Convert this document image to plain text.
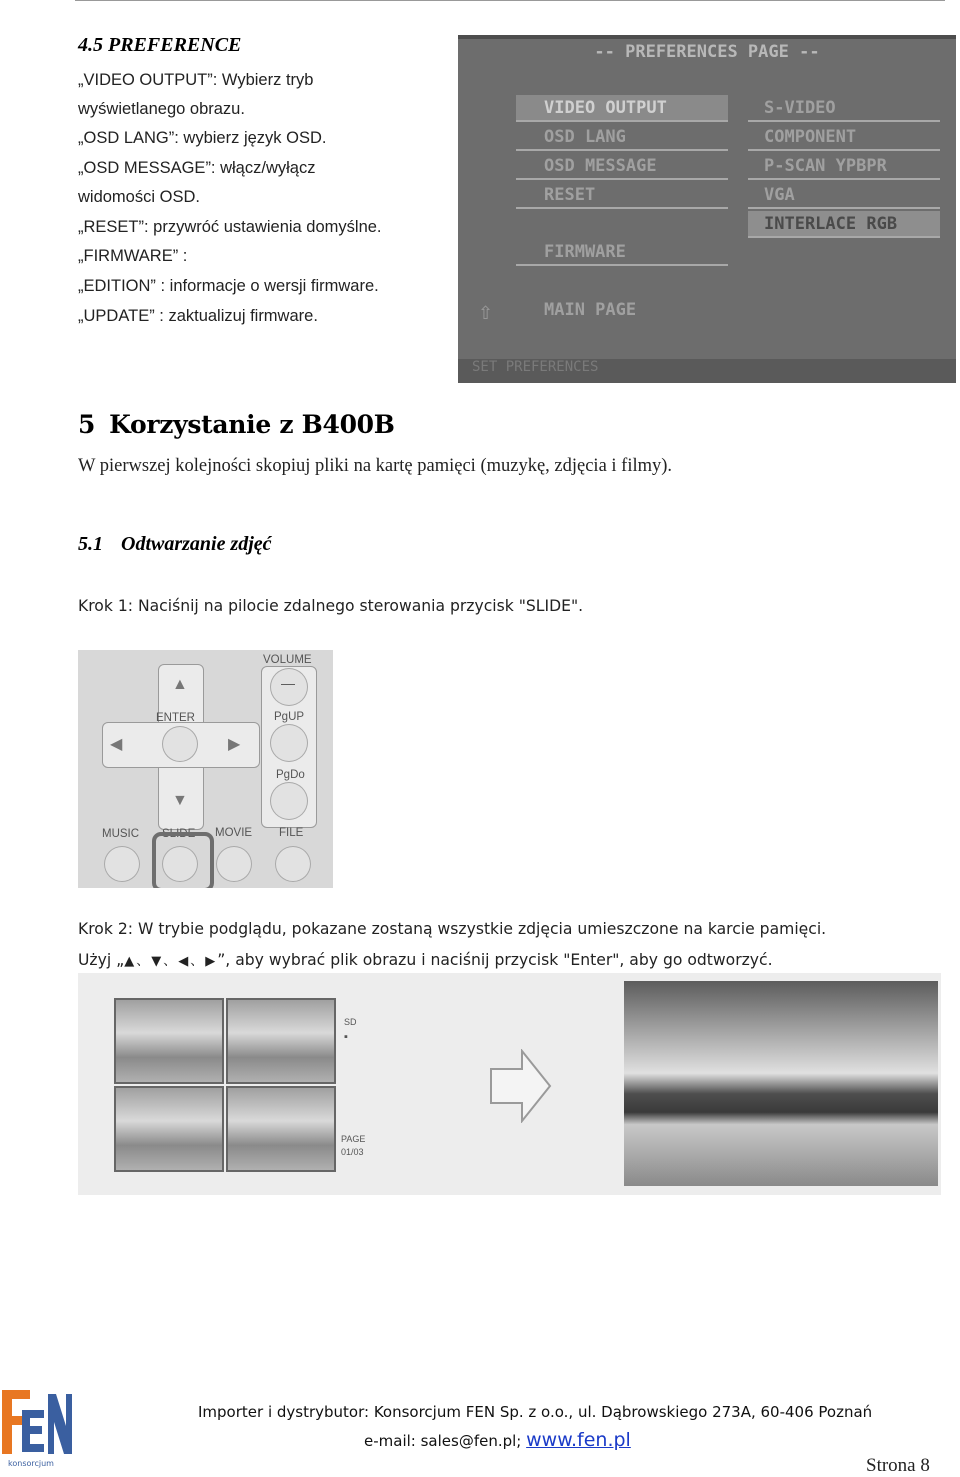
4.5 PREFERENCE
„VIDEO OUTPUT”: Wybierz tryb
wyświetlanego obrazu.
„OSD LANG”: wybierz język OSD.
„OSD MESSAGE”: włącz/wyłącz
widomości OSD.
„RESET”: przywróć ustawienia domyślne.
„FIRMWARE” :
„EDITION” : informacje o wersji firmware.
„UPDATE” : zaktualizuj firmware.
-- PREFERENCES PAGE --
VIDEO OUTPUT
OSD LANG
OSD MESSAGE
RESET
FIRMWARE
⇧	MAIN PAGE
S-VIDEO
COMPONENT
P-SCAN YPBPR
VGA
INTERLACE RGB
SET PREFERENCES
5 Korzystanie z B400B
W pierwszej kolejności skopiuj pliki na kartę pamięci (muzykę, zdjęcia i filmy).
5.1 Odtwarzanie zdjęć
Krok 1: Naciśnij na pilocie zdalnego sterowania przycisk "SLIDE".
VOLUME
—
PgUP
PgDo
▲
ENTER
◀	▶
▼
MUSIC SLIDE MOVIE FILE
Krok 2: W trybie podglądu, pokazane zostaną wszystkie zdjęcia umieszczone na karcie pamięci.
Użyj „▲、▼、◀、▶”, aby wybrać plik obrazu i naciśnij przycisk "Enter", aby go odtworzyć.
SD
▪
PAGE
01/03
konsorcjum
Importer i dystrybutor: Konsorcjum FEN Sp. z o.o., ul. Dąbrowskiego 273A, 60-406 Poznań
e-mail: sales@fen.pl; www.fen.pl
Strona 8
